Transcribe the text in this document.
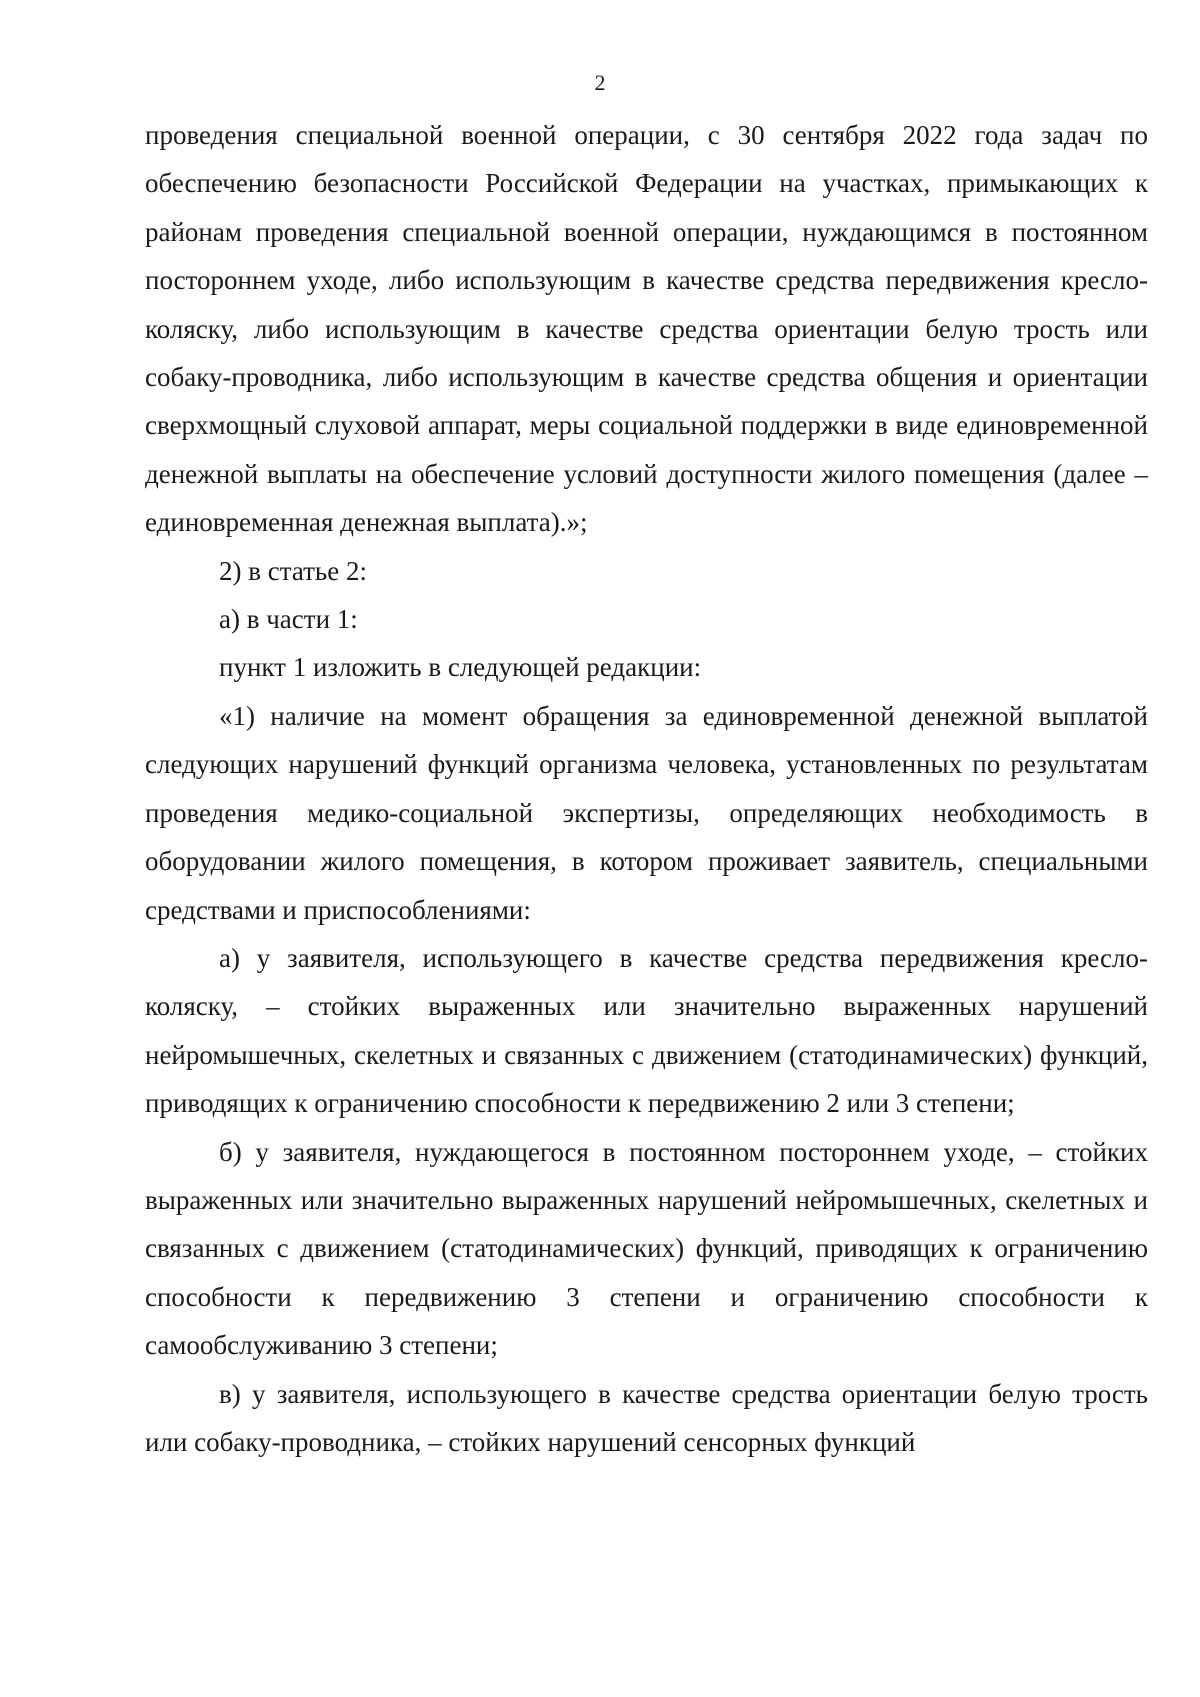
2

проведения специальной военной операции, с 30 сентября 2022 года задач по обеспечению безопасности Российской Федерации на участках, примыкающих к районам проведения специальной военной операции, нуждающимся в постоянном постороннем уходе, либо использующим в качестве средства передвижения кресло-коляску, либо использующим в качестве средства ориентации белую трость или собаку-проводника, либо использующим в качестве средства общения и ориентации сверхмощный слуховой аппарат, меры социальной поддержки в виде единовременной денежной выплаты на обеспечение условий доступности жилого помещения (далее – единовременная денежная выплата).»;

2) в статье 2:

а) в части 1:

пункт 1 изложить в следующей редакции:

«1) наличие на момент обращения за единовременной денежной выплатой следующих нарушений функций организма человека, установленных по результатам проведения медико-социальной экспертизы, определяющих необходимость в оборудовании жилого помещения, в котором проживает заявитель, специальными средствами и приспособлениями:

а) у заявителя, использующего в качестве средства передвижения кресло-коляску, – стойких выраженных или значительно выраженных нарушений нейромышечных, скелетных и связанных с движением (статодинамических) функций, приводящих к ограничению способности к передвижению 2 или 3 степени;

б) у заявителя, нуждающегося в постоянном постороннем уходе, – стойких выраженных или значительно выраженных нарушений нейромышечных, скелетных и связанных с движением (статодинамических) функций, приводящих к ограничению способности к передвижению 3 степени и ограничению способности к самообслуживанию 3 степени;

в) у заявителя, использующего в качестве средства ориентации белую трость или собаку-проводника, – стойких нарушений сенсорных функций
